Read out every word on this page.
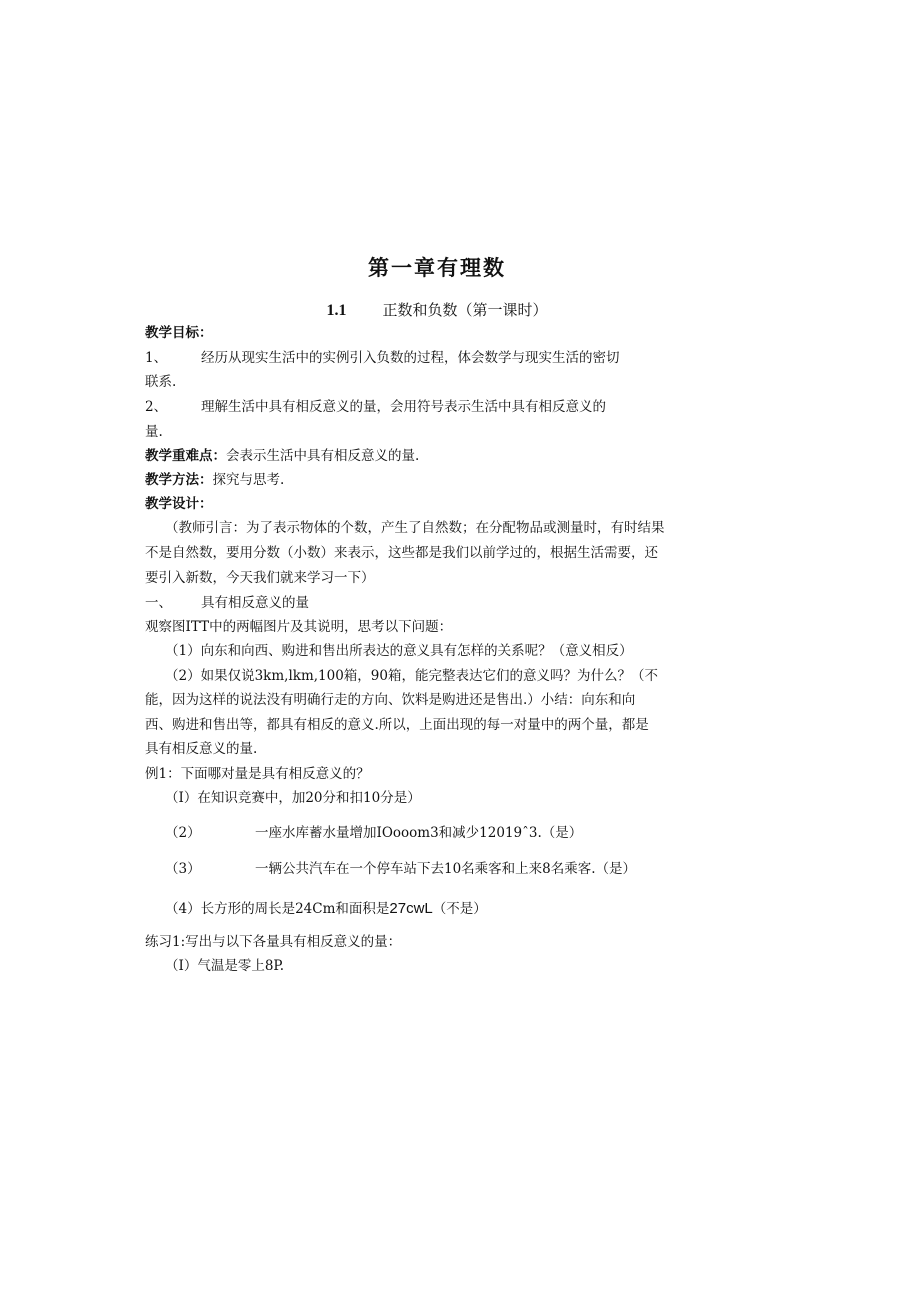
第一章有理数
1.1 正数和负数（第一课时）
教学目标：
1、	经历从现实生活中的实例引入负数的过程，体会数学与现实生活的密切
联系.
2、	理解生活中具有相反意义的量，会用符号表示生活中具有相反意义的
量.
教学重难点：会表示生活中具有相反意义的量.
教学方法：探究与思考.
教学设计：
（教师引言：为了表示物体的个数，产生了自然数；在分配物品或测量时，有时结果
不是自然数，要用分数（小数）来表示，这些都是我们以前学过的，根据生活需要，还
要引入新数，今天我们就来学习一下）
一、 具有相反意义的量
观察图ITT中的两幅图片及其说明，思考以下问题：
（1）向东和向西、购进和售出所表达的意义具有怎样的关系呢？（意义相反）
（2）如果仅说3km,lkm,100箱，90箱，能完整表达它们的意义吗？为什么？（不
能，因为这样的说法没有明确行走的方向、饮料是购进还是售出.）小结：向东和向
西、购进和售出等，都具有相反的意义.所以，上面出现的每一对量中的两个量，都是
具有相反意义的量.
例1：下面哪对量是具有相反意义的？
（I）在知识竞赛中，加20分和扣10分是）
（2）	一座水库蓄水量增加IOooom3和减少12019ˆ3.（是）
（3）	一辆公共汽车在一个停车站下去10名乘客和上来8名乘客.（是）
（4）长方形的周长是24Cm和面积是27cwL（不是）
练习1:写出与以下各量具有相反意义的量：
（I）气温是零上8P.
